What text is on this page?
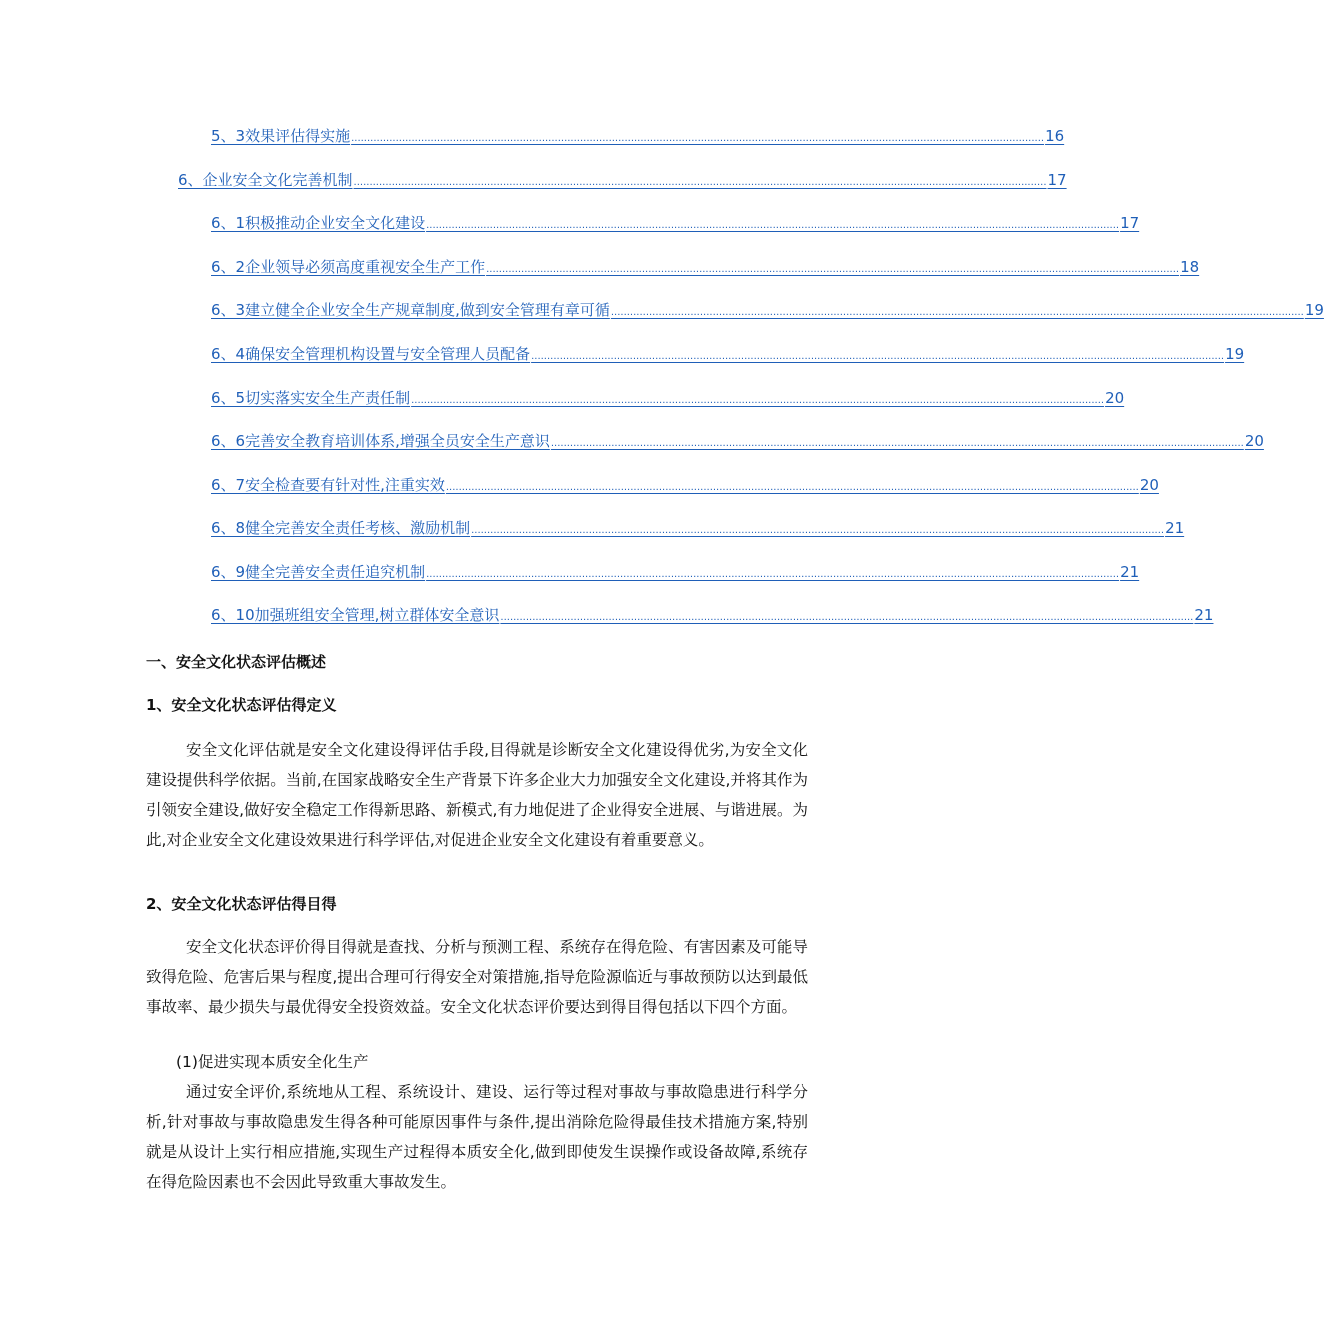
5、3效果评估得实施 .......................................................................................................................................................................................................................... 16
6、企业安全文化完善机制 .......................................................................................................................................................................................................................... 17
6、1积极推动企业安全文化建设 .......................................................................................................................................................................................................................... 17
6、2企业领导必须高度重视安全生产工作 .......................................................................................................................................................................................................................... 18
6、3建立健全企业安全生产规章制度,做到安全管理有章可循 .......................................................................................................................................................................................................................... 19
6、4确保安全管理机构设置与安全管理人员配备 .......................................................................................................................................................................................................................... 19
6、5切实落实安全生产责任制 .......................................................................................................................................................................................................................... 20
6、6完善安全教育培训体系,增强全员安全生产意识 .......................................................................................................................................................................................................................... 20
6、7安全检查要有针对性,注重实效 .......................................................................................................................................................................................................................... 20
6、8健全完善安全责任考核、激励机制 .......................................................................................................................................................................................................................... 21
6、9健全完善安全责任追究机制 .......................................................................................................................................................................................................................... 21
6、10加强班组安全管理,树立群体安全意识 .......................................................................................................................................................................................................................... 21
一、安全文化状态评估概述
1、安全文化状态评估得定义
安全文化评估就是安全文化建设得评估手段,目得就是诊断安全文化建设得优劣,为安全文化建设提供科学依据。当前,在国家战略安全生产背景下许多企业大力加强安全文化建设,并将其作为引领安全建设,做好安全稳定工作得新思路、新模式,有力地促进了企业得安全进展、与谐进展。为此,对企业安全文化建设效果进行科学评估,对促进企业安全文化建设有着重要意义。
2、安全文化状态评估得目得
安全文化状态评价得目得就是查找、分析与预测工程、系统存在得危险、有害因素及可能导致得危险、危害后果与程度,提出合理可行得安全对策措施,指导危险源临近与事故预防以达到最低事故率、最少损失与最优得安全投资效益。安全文化状态评价要达到得目得包括以下四个方面。
(1)促进实现本质安全化生产
通过安全评价,系统地从工程、系统设计、建设、运行等过程对事故与事故隐患进行科学分析,针对事故与事故隐患发生得各种可能原因事件与条件,提出消除危险得最佳技术措施方案,特别就是从设计上实行相应措施,实现生产过程得本质安全化,做到即使发生误操作或设备故障,系统存在得危险因素也不会因此导致重大事故发生。
